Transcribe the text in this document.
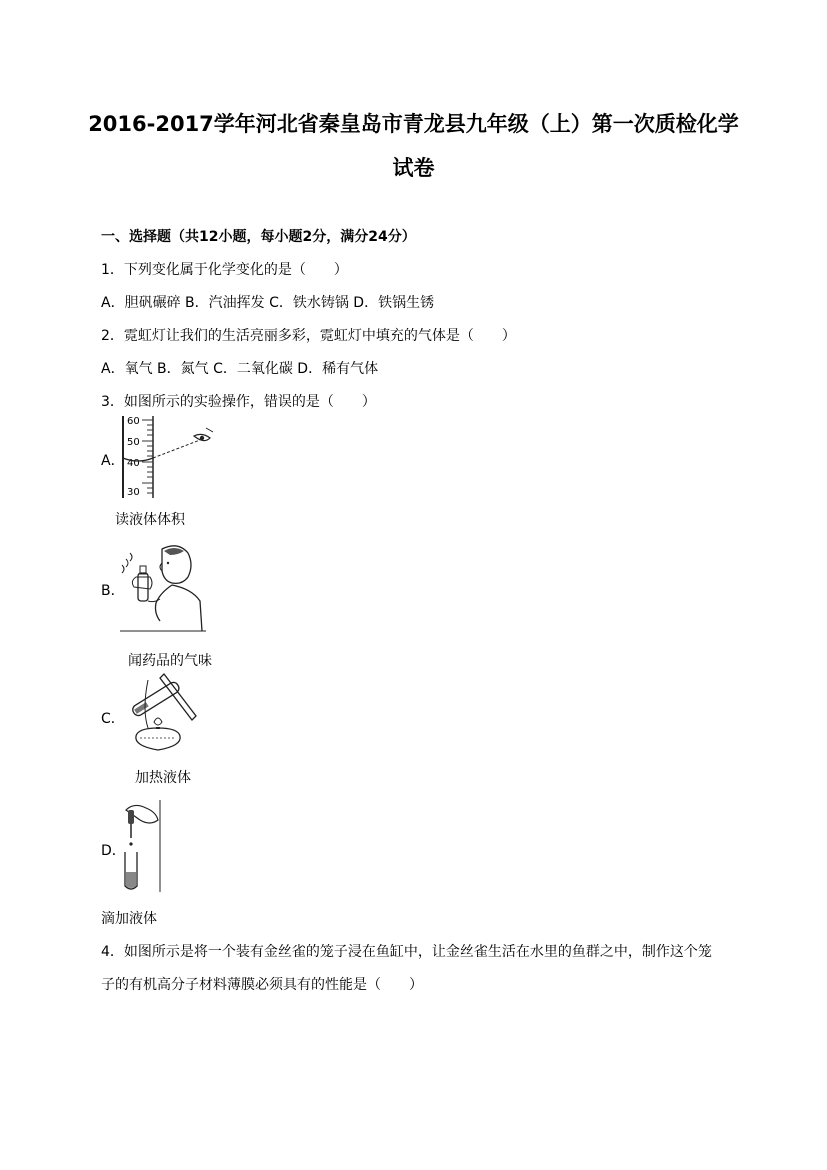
2016-2017学年河北省秦皇岛市青龙县九年级（上）第一次质检化学
试卷
一、选择题（共12小题，每小题2分，满分24分）
1．下列变化属于化学变化的是（　　）
A．胆矾碾碎 B．汽油挥发 C．铁水铸锅 D．铁锅生锈
2．霓虹灯让我们的生活亮丽多彩，霓虹灯中填充的气体是（　　）
A．氧气 B．氮气 C．二氧化碳 D．稀有气体
3．如图所示的实验操作，错误的是（　　）
A．
60
50
40
30
读液体体积
B．
闻药品的气味
C．
加热液体
D．
滴加液体
4．如图所示是将一个装有金丝雀的笼子浸在鱼缸中，让金丝雀生活在水里的鱼群之中，制作这个笼
子的有机高分子材料薄膜必须具有的性能是（　　）
